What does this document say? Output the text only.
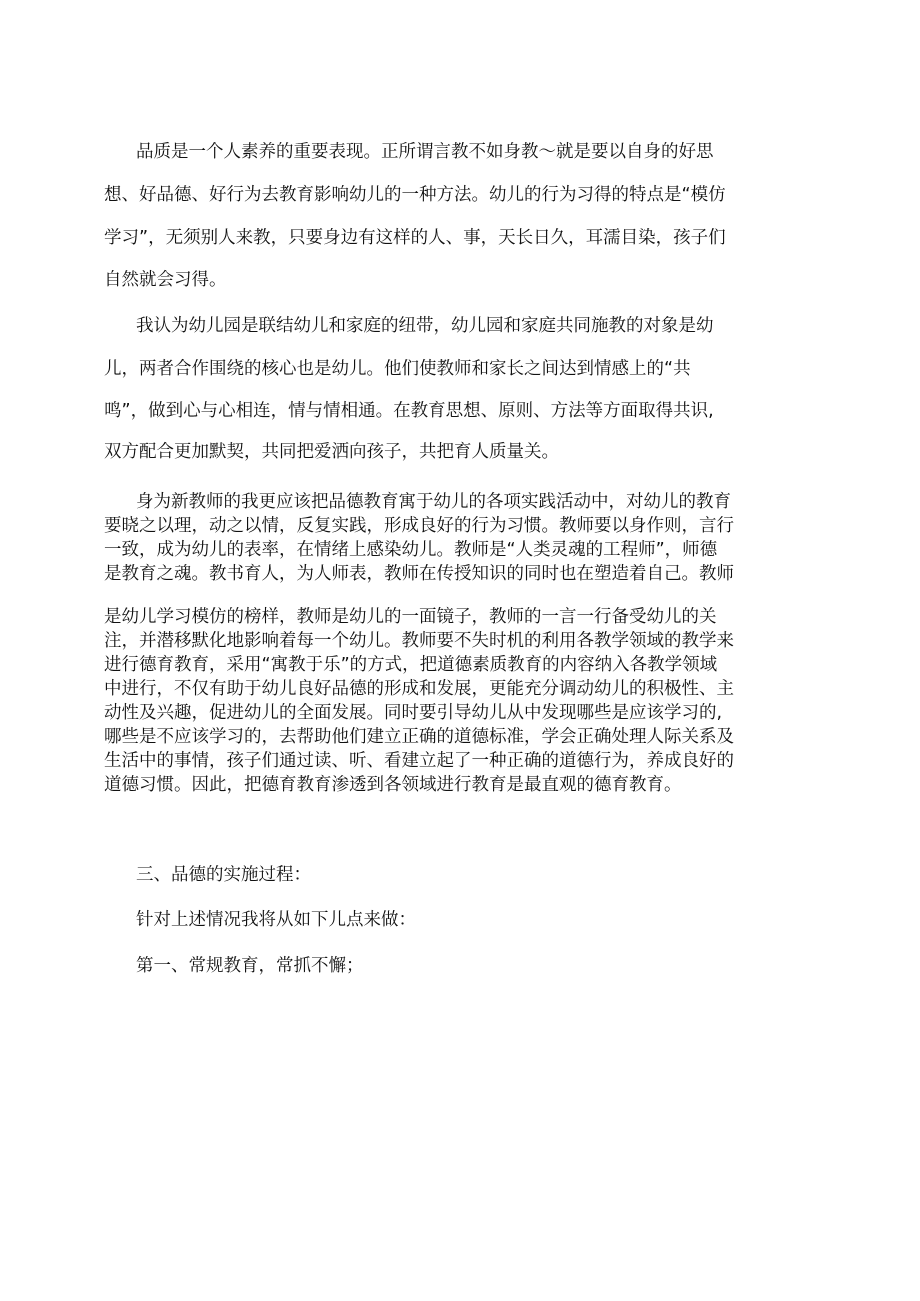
品质是一个人素养的重要表现。正所谓言教不如身教～就是要以自身的好思

想、好品德、好行为去教育影响幼儿的一种方法。幼儿的行为习得的特点是“模仿

学习”，无须别人来教，只要身边有这样的人、事，天长日久，耳濡目染，孩子们

自然就会习得。

我认为幼儿园是联结幼儿和家庭的纽带，幼儿园和家庭共同施教的对象是幼

儿，两者合作围绕的核心也是幼儿。他们使教师和家长之间达到情感上的“共

鸣”，做到心与心相连，情与情相通。在教育思想、原则、方法等方面取得共识,

双方配合更加默契，共同把爱洒向孩子，共把育人质量关。

身为新教师的我更应该把品德教育寓于幼儿的各项实践活动中，对幼儿的教育

要晓之以理，动之以情，反复实践，形成良好的行为习惯。教师要以身作则，言行

一致，成为幼儿的表率，在情绪上感染幼儿。教师是“人类灵魂的工程师”，师德

是教育之魂。教书育人，为人师表，教师在传授知识的同时也在塑造着自己。教师

是幼儿学习模仿的榜样，教师是幼儿的一面镜子，教师的一言一行备受幼儿的关

注，并潜移默化地影响着每一个幼儿。教师要不失时机的利用各教学领域的教学来

进行德育教育，采用“寓教于乐”的方式，把道德素质教育的内容纳入各教学领域

中进行，不仅有助于幼儿良好品德的形成和发展，更能充分调动幼儿的积极性、主

动性及兴趣，促进幼儿的全面发展。同时要引导幼儿从中发现哪些是应该学习的,

哪些是不应该学习的，去帮助他们建立正确的道德标准，学会正确处理人际关系及

生活中的事情，孩子们通过读、听、看建立起了一种正确的道德行为，养成良好的

道德习惯。因此，把德育教育渗透到各领域进行教育是最直观的德育教育。

三、品德的实施过程：

针对上述情况我将从如下儿点来做：

第一、常规教育，常抓不懈；
